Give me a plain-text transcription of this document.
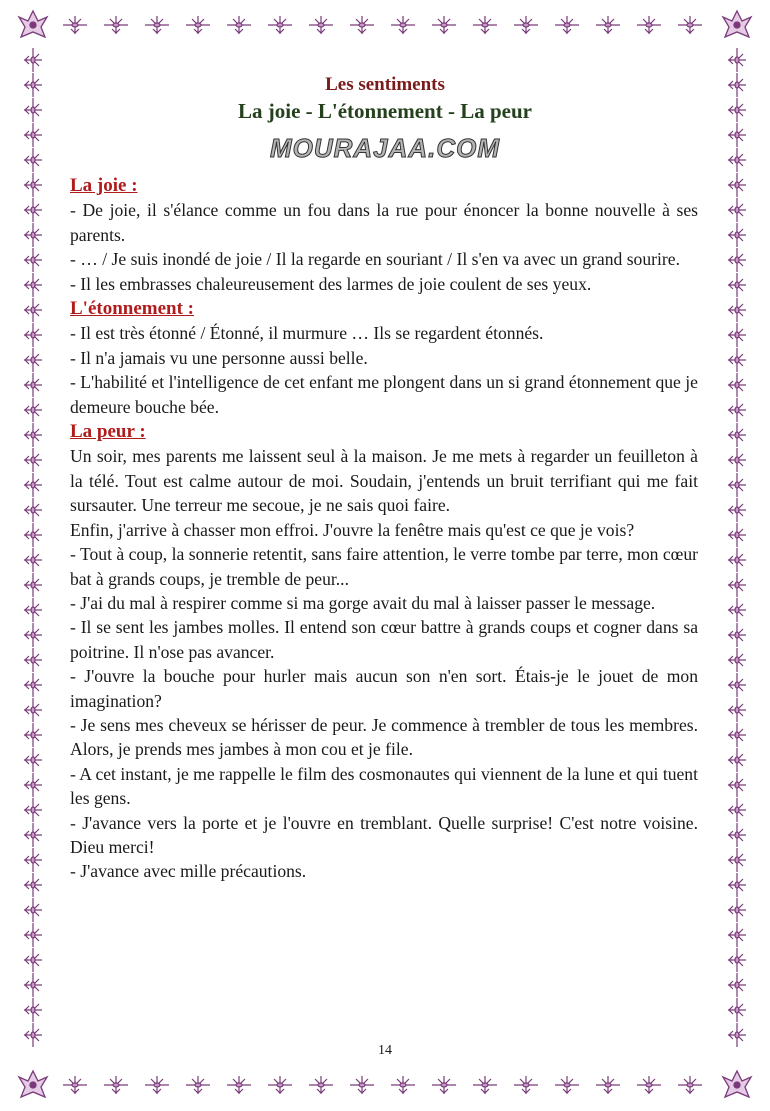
Les sentiments
La joie - L'étonnement - La peur
MOURAJAA.COM
La joie :
- De joie, il s'élance comme un fou dans la rue pour énoncer la bonne nouvelle à ses parents.
- … / Je suis inondé de joie / Il la regarde en souriant / Il s'en va avec un grand sourire.
- Il les embrasses chaleureusement des larmes de joie coulent de ses yeux.
L'étonnement :
- Il est très étonné / Étonné, il murmure … Ils se regardent étonnés.
- Il n'a jamais vu une personne aussi belle.
- L'habilité et l'intelligence de cet enfant me plongent dans un si grand étonnement que je demeure bouche bée.
La peur :
Un soir, mes parents me laissent seul à la maison. Je me mets à regarder un feuilleton à la télé. Tout est calme autour de moi. Soudain, j'entends un bruit terrifiant qui me fait sursauter. Une terreur me secoue, je ne sais quoi faire.
Enfin, j'arrive à chasser mon effroi. J'ouvre la fenêtre mais qu'est ce que je vois?
- Tout à coup, la sonnerie retentit, sans faire attention, le verre tombe par terre, mon cœur bat à grands coups, je tremble de peur...
- J'ai du mal à respirer comme si ma gorge avait du mal à laisser passer le message.
- Il se sent les jambes molles. Il entend son cœur battre à grands coups et cogner dans sa poitrine. Il n'ose pas avancer.
- J'ouvre la bouche pour hurler mais aucun son n'en sort. Étais-je le jouet de mon imagination?
- Je sens mes cheveux se hérisser de peur. Je commence à trembler de tous les membres. Alors, je prends mes jambes à mon cou et je file.
- A cet instant, je me rappelle le film des cosmonautes qui viennent de la lune et qui tuent les gens.
- J'avance vers la porte et je l'ouvre en tremblant. Quelle surprise! C'est notre voisine. Dieu merci!
- J'avance avec mille précautions.
14
